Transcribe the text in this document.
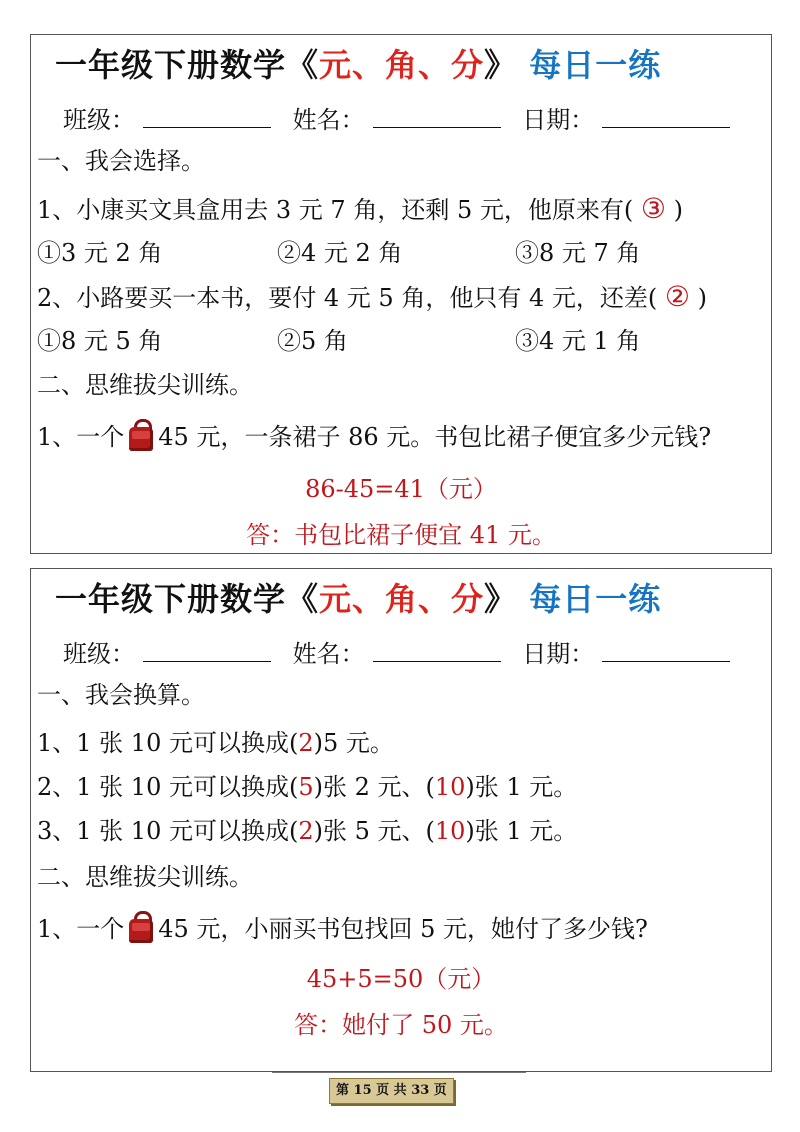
一年级下册数学《元、角、分》 每日一练
班级：	姓名：	日期：
一、我会选择。
1、小康买文具盒用去 3 元 7 角，还剩 5 元，他原来有( ③ )
①3 元 2 角	②4 元 2 角	③8 元 7 角
2、小路要买一本书，要付 4 元 5 角，他只有 4 元，还差( ② )
①8 元 5 角	②5 角	③4 元 1 角
二、思维拔尖训练。
1、一个 45 元，一条裙子 86 元。书包比裙子便宜多少元钱?
86-45=41（元）
答：书包比裙子便宜 41 元。
一年级下册数学《元、角、分》 每日一练
班级：	姓名：	日期：
一、我会换算。
1、1 张 10 元可以换成(2)5 元。
2、1 张 10 元可以换成(5)张 2 元、(10)张 1 元。
3、1 张 10 元可以换成(2)张 5 元、(10)张 1 元。
二、思维拔尖训练。
1、一个 45 元，小丽买书包找回 5 元，她付了多少钱?
45+5=50（元）
答：她付了 50 元。
第 15 页 共 33 页
